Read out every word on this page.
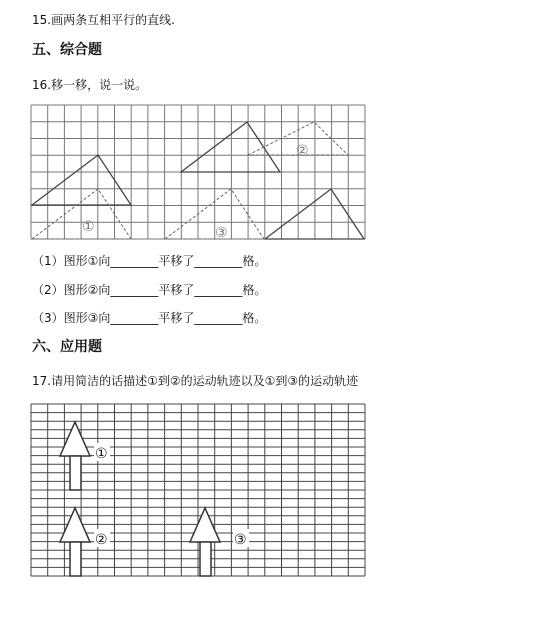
15.画两条互相平行的直线.
五、综合题
16.移一移，说一说。
①
②
③
（1）图形①向________平移了________格。
（2）图形②向________平移了________格。
（3）图形③向________平移了________格。
六、应用题
17.请用简洁的话描述①到②的运动轨迹以及①到③的运动轨迹
①
②	③
